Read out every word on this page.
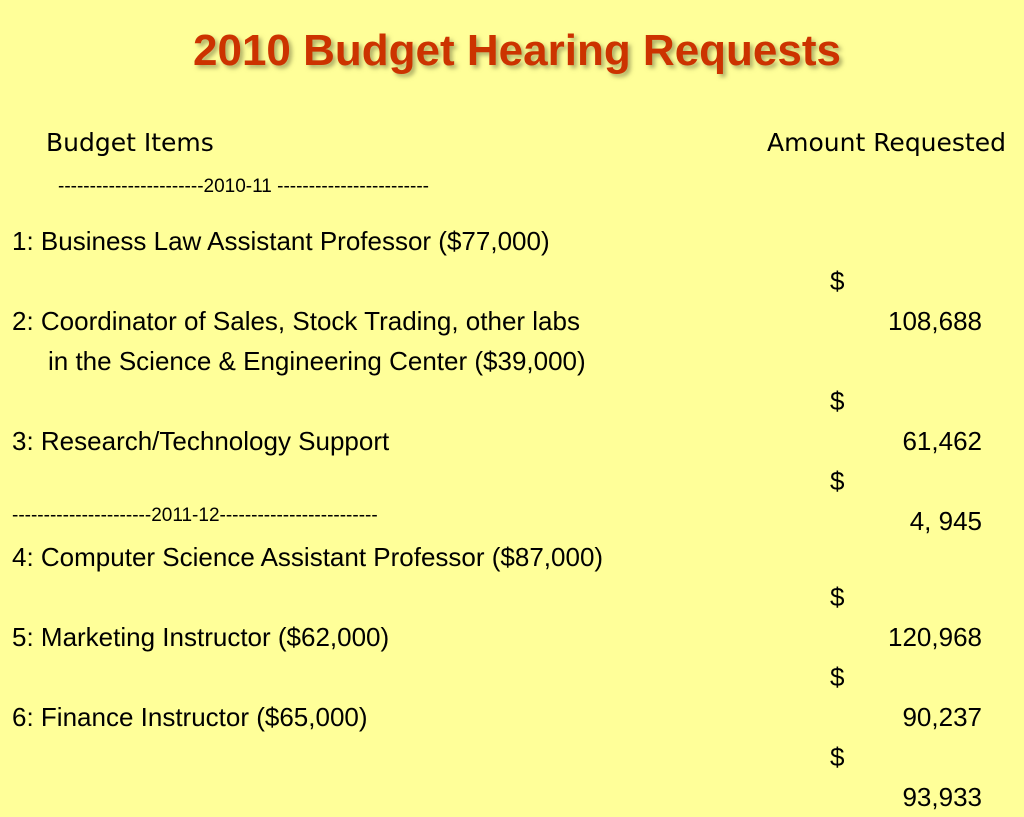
2010 Budget Hearing Requests
Budget Items	Amount Requested
-----------------------2010-11 ------------------------
1: Business Law Assistant Professor ($77,000)

$

108,688

2: Coordinator of Sales, Stock Trading, other labs
in the Science & Engineering Center ($39,000)

$

61,462

3: Research/Technology Support

$

4, 945

----------------------2011-12-------------------------
4: Computer Science Assistant Professor ($87,000)

$

120,968

5: Marketing Instructor ($62,000)

$

90,237

6: Finance Instructor ($65,000)

$

93,933
